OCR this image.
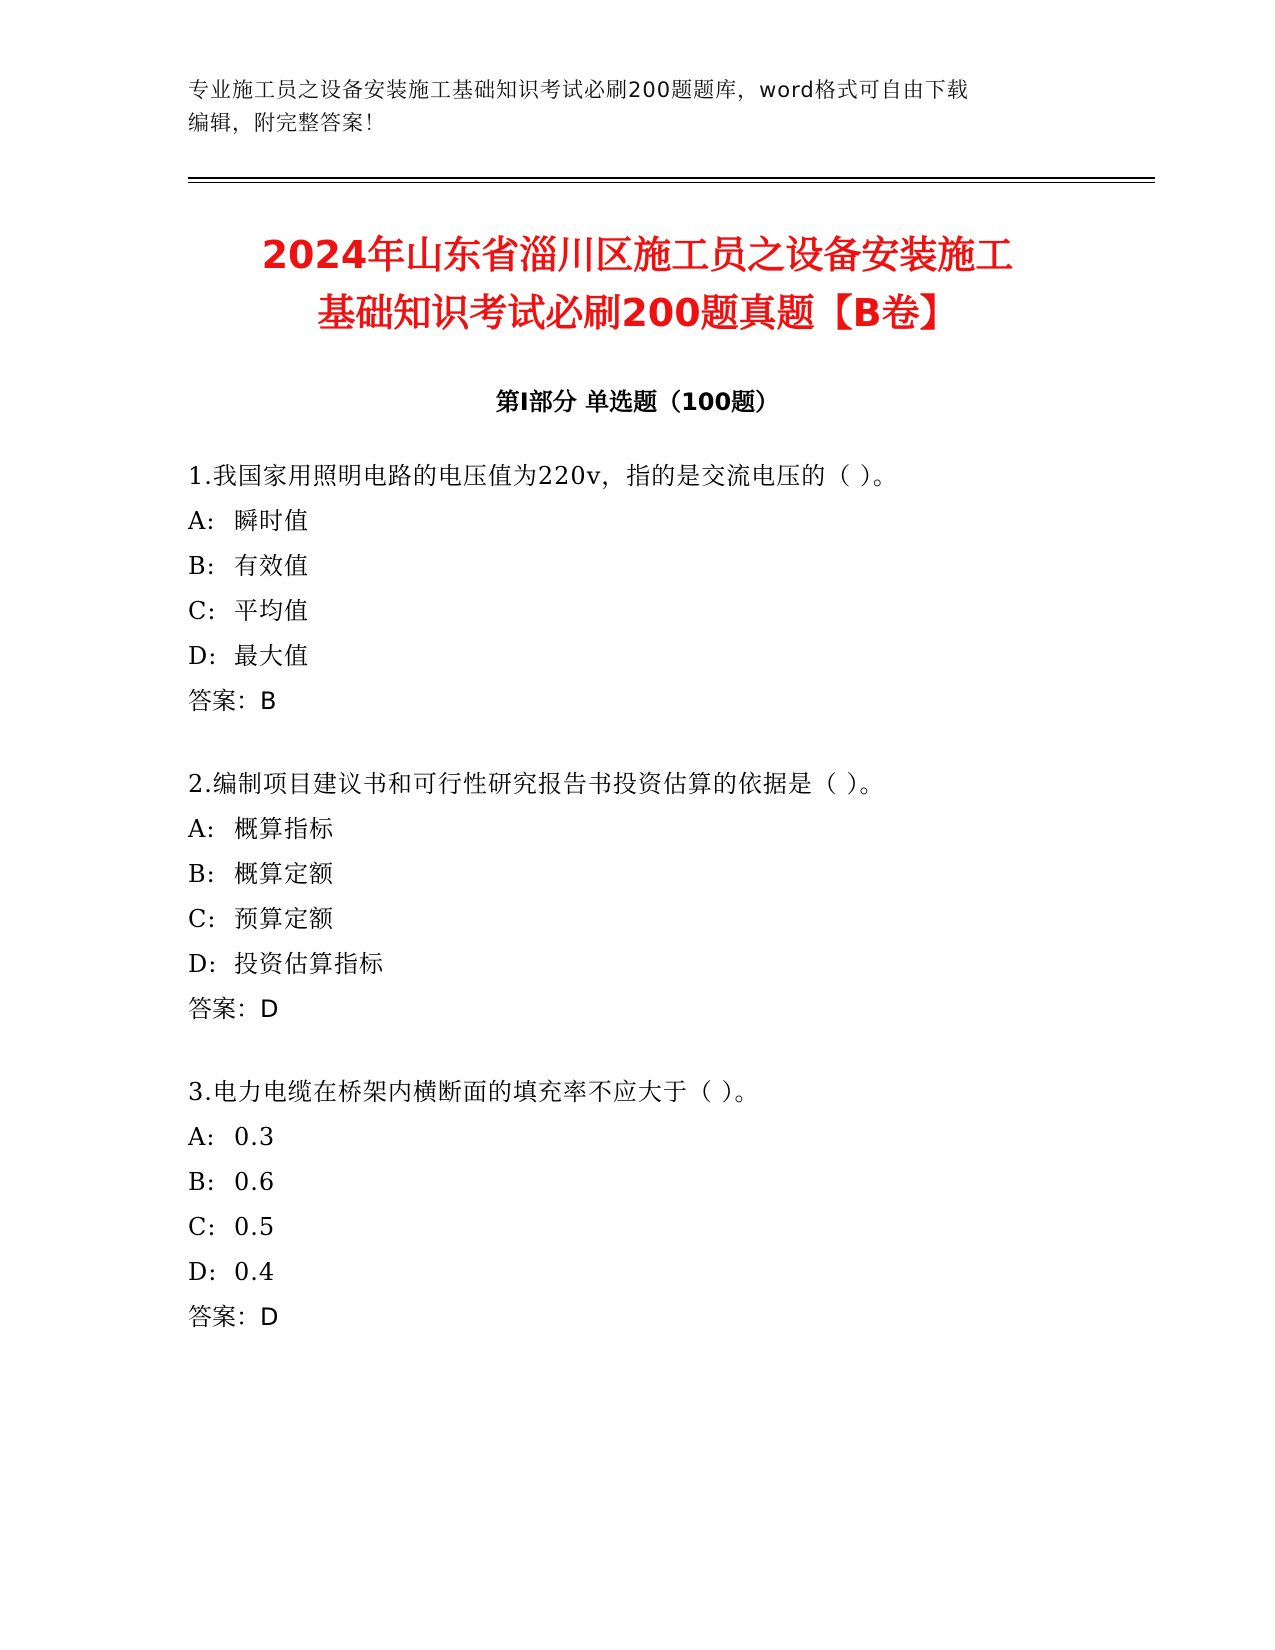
专业施工员之设备安装施工基础知识考试必刷200题题库，word格式可自由下载
编辑，附完整答案！
2024年山东省淄川区施工员之设备安装施工
基础知识考试必刷200题真题【B卷】
第Ⅰ部分 单选题（100题）
1.我国家用照明电路的电压值为220v，指的是交流电压的（ ）。
A: 瞬时值
B: 有效值
C: 平均值
D: 最大值
答案：B
2.编制项目建议书和可行性研究报告书投资估算的依据是（ ）。
A: 概算指标
B: 概算定额
C: 预算定额
D: 投资估算指标
答案：D
3.电力电缆在桥架内横断面的填充率不应大于（ ）。
A: 0.3
B: 0.6
C: 0.5
D: 0.4
答案：D
